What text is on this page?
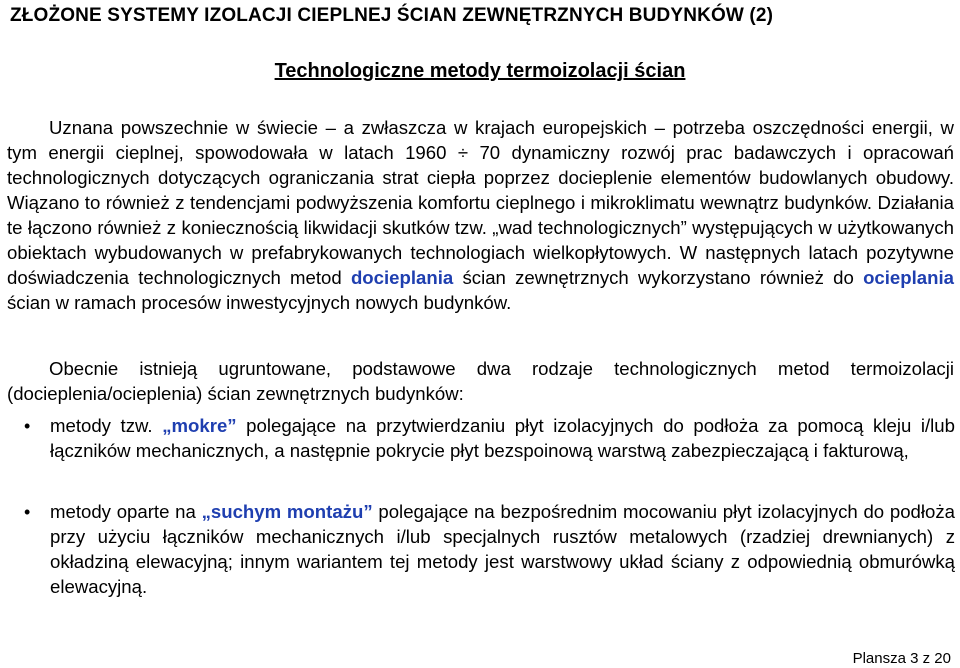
ZŁOŻONE SYSTEMY IZOLACJI CIEPLNEJ ŚCIAN ZEWNĘTRZNYCH BUDYNKÓW (2)
Technologiczne metody termoizolacji ścian

Uznana powszechnie w świecie – a zwłaszcza w krajach europejskich – potrzeba oszczędności energii, w tym energii cieplnej, spowodowała w latach 1960 ÷ 70 dynamiczny rozwój prac badawczych i opracowań technologicznych dotyczących ograniczania strat ciepła poprzez docieplenie elementów budowlanych obudowy. Wiązano to również z tendencjami podwyższenia komfortu cieplnego i mikroklimatu wewnątrz budynków. Działania te łączono również z koniecznością likwidacji skutków tzw. „wad technologicznych” występujących w użytkowanych obiektach wybudowanych w prefabrykowanych technologiach wielkopłytowych. W następnych latach pozytywne doświadczenia technologicznych metod docieplania ścian zewnętrznych wykorzystano również do ocieplania ścian w ramach procesów inwestycyjnych nowych budynków.

Obecnie istnieją ugruntowane, podstawowe dwa rodzaje technologicznych metod termoizolacji (docieplenia/ocieplenia) ścian zewnętrznych budynków:

• metody tzw. „mokre” polegające na przytwierdzaniu płyt izolacyjnych do podłoża za pomocą kleju i/lub łączników mechanicznych, a następnie pokrycie płyt bezspoinową warstwą zabezpieczającą i fakturową,

• metody oparte na „suchym montażu” polegające na bezpośrednim mocowaniu płyt izolacyjnych do podłoża przy użyciu łączników mechanicznych i/lub specjalnych rusztów metalowych (rzadziej drewnianych) z okładziną elewacyjną; innym wariantem tej metody jest warstwowy układ ściany z odpowiednią obmurówką elewacyjną.

Plansza 3 z 20
